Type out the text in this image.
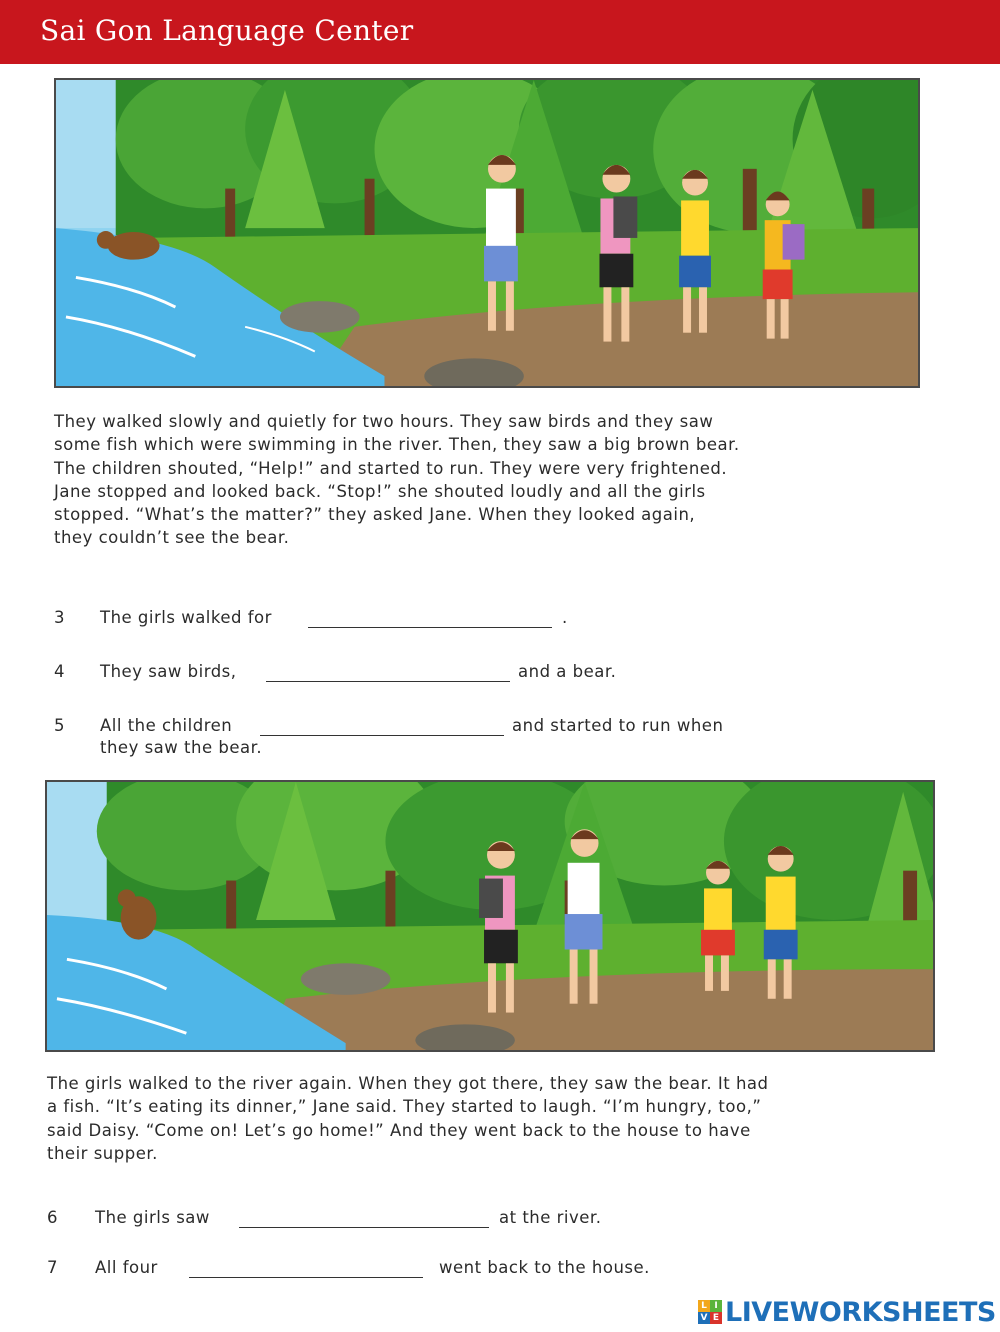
Sai Gon Language Center
They walked slowly and quietly for two hours. They saw birds and they saw
some fish which were swimming in the river. Then, they saw a big brown bear.
The children shouted, “Help!” and started to run. They were very frightened.
Jane stopped and looked back. “Stop!” she shouted loudly and all the girls
stopped. “What’s the matter?” they asked Jane. When they looked again,
they couldn’t see the bear.
3 The girls walked for	.
4 They saw birds,	and a bear.
5 All the children	and started to run when
they saw the bear.
The girls walked to the river again. When they got there, they saw the bear. It had
a fish. “It’s eating its dinner,” Jane said. They started to laugh. “I’m hungry, too,”
said Daisy. “Come on! Let’s go home!” And they went back to the house to have
their supper.
6 The girls saw	at the river.
7 All four	went back to the house.
L I
V E LIVEWORKSHEETS
